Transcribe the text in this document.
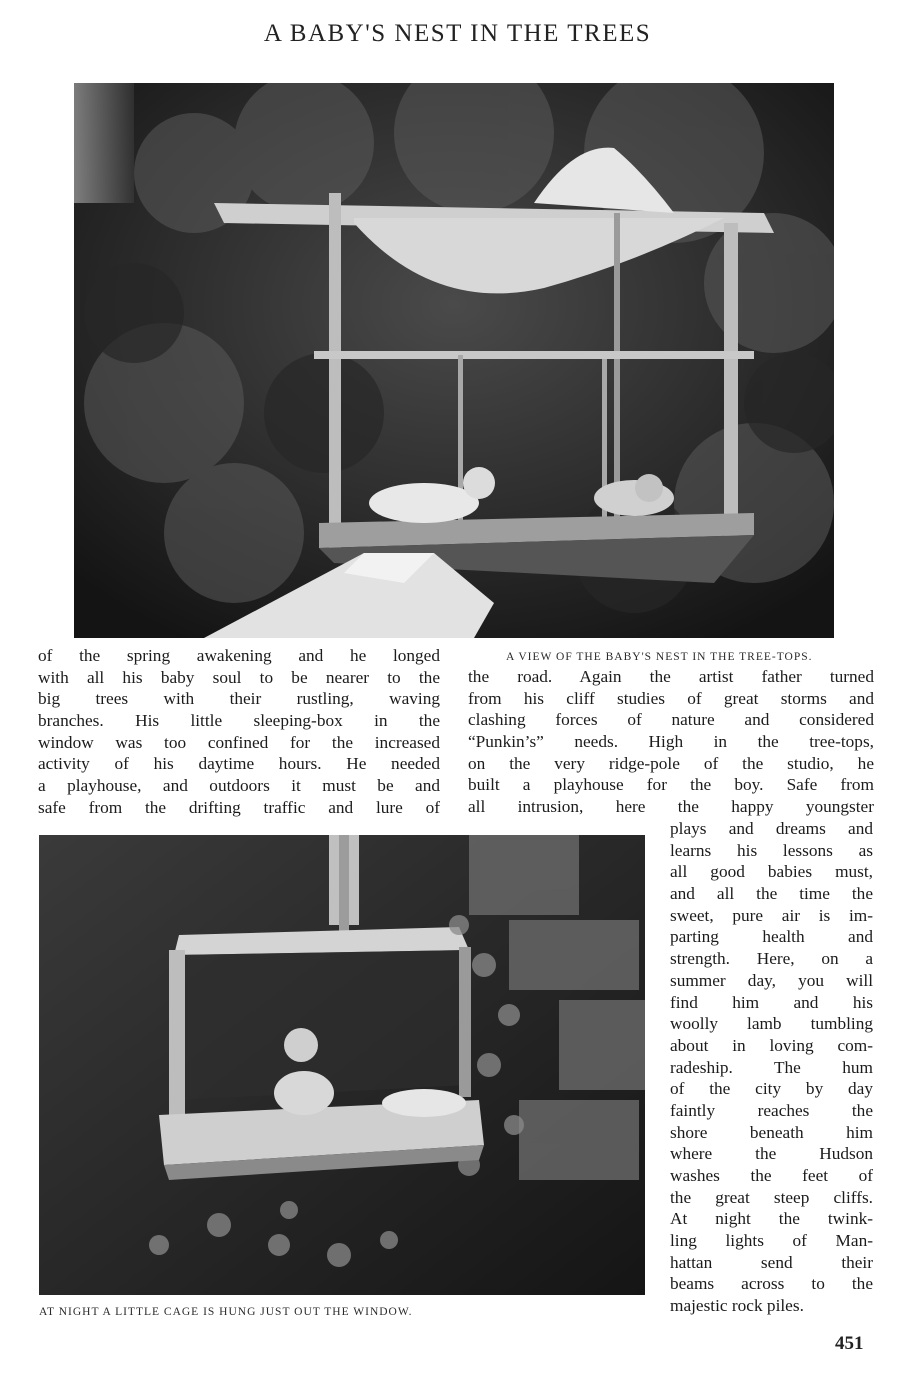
A BABY'S NEST IN THE TREES
A VIEW OF THE BABY'S NEST IN THE TREE-TOPS.
of the spring awakening and he longed
with all his baby soul to be nearer to the
big trees with their rustling, waving
branches. His little sleeping-box in the
window was too confined for the increased
activity of his daytime hours. He needed
a playhouse, and outdoors it must be and
safe from the drifting traffic and lure of
the road. Again the artist father turned
from his cliff studies of great storms and
clashing forces of nature and considered
“Punkin’s” needs. High in the tree-tops,
on the very ridge-pole of the studio, he
built a playhouse for the boy. Safe from
all intrusion, here the happy youngster
AT NIGHT A LITTLE CAGE IS HUNG JUST OUT THE WINDOW.
plays and dreams and
learns his lessons as
all good babies must,
and all the time the
sweet, pure air is im-
parting health and
strength. Here, on a
summer day, you will
find him and his
woolly lamb tumbling
about in loving com-
radeship. The hum
of the city by day
faintly reaches the
shore beneath him
where the Hudson
washes the feet of
the great steep cliffs.
At night the twink-
ling lights of Man-
hattan send their
beams across to the
majestic rock piles.
451
